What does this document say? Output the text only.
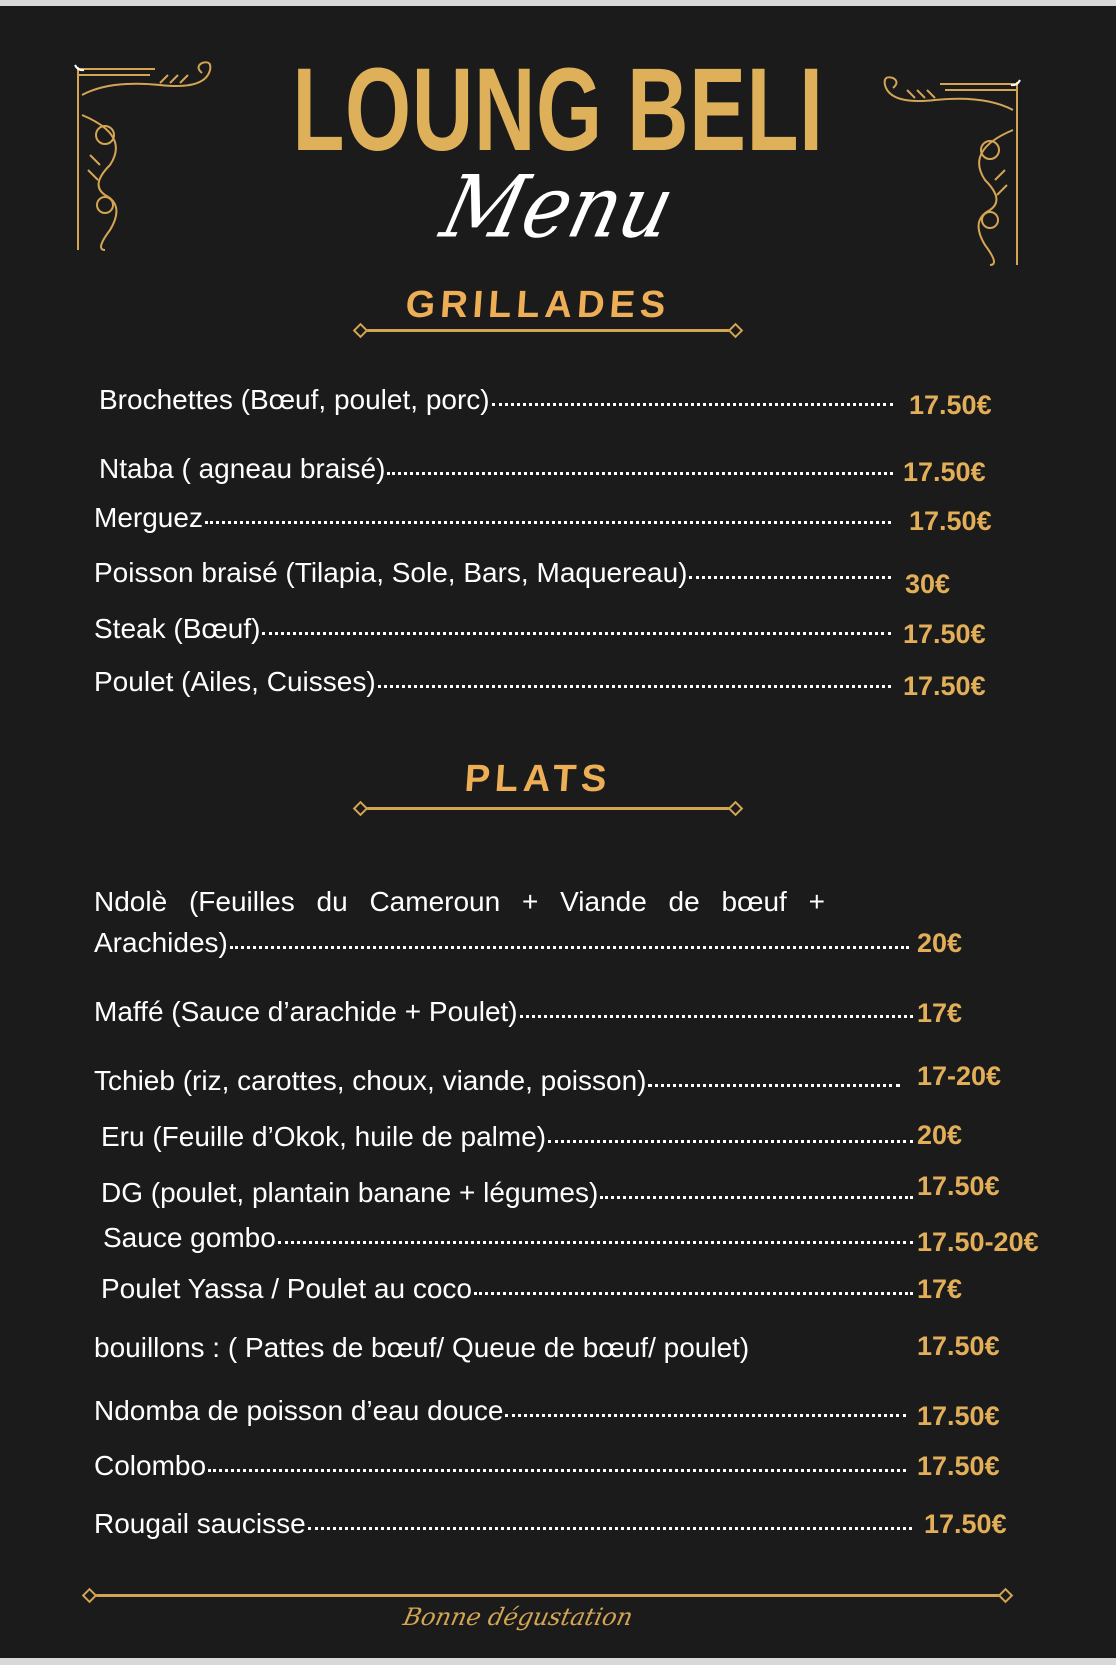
LOUNG BELI
Menu
GRILLADES
Brochettes (Bœuf, poulet, porc)	17.50€
Ntaba ( agneau braisé)	17.50€
Merguez	17.50€
Poisson braisé (Tilapia, Sole, Bars, Maquereau)	30€
Steak (Bœuf)	17.50€
Poulet (Ailes, Cuisses)	17.50€
PLATS
Ndolè (Feuilles du Cameroun + Viande de bœuf +
Arachides)	20€
Maffé (Sauce d’arachide + Poulet)	17€
Tchieb (riz, carottes, choux, viande, poisson)	17-20€
Eru (Feuille d’Okok, huile de palme)	20€
DG (poulet, plantain banane + légumes)	17.50€
Sauce gombo	17.50-20€
Poulet Yassa / Poulet au coco	17€
bouillons : ( Pattes de bœuf/ Queue de bœuf/ poulet)	17.50€
Ndomba de poisson d’eau douce	17.50€
Colombo	17.50€
Rougail saucisse	17.50€
Bonne dégustation
